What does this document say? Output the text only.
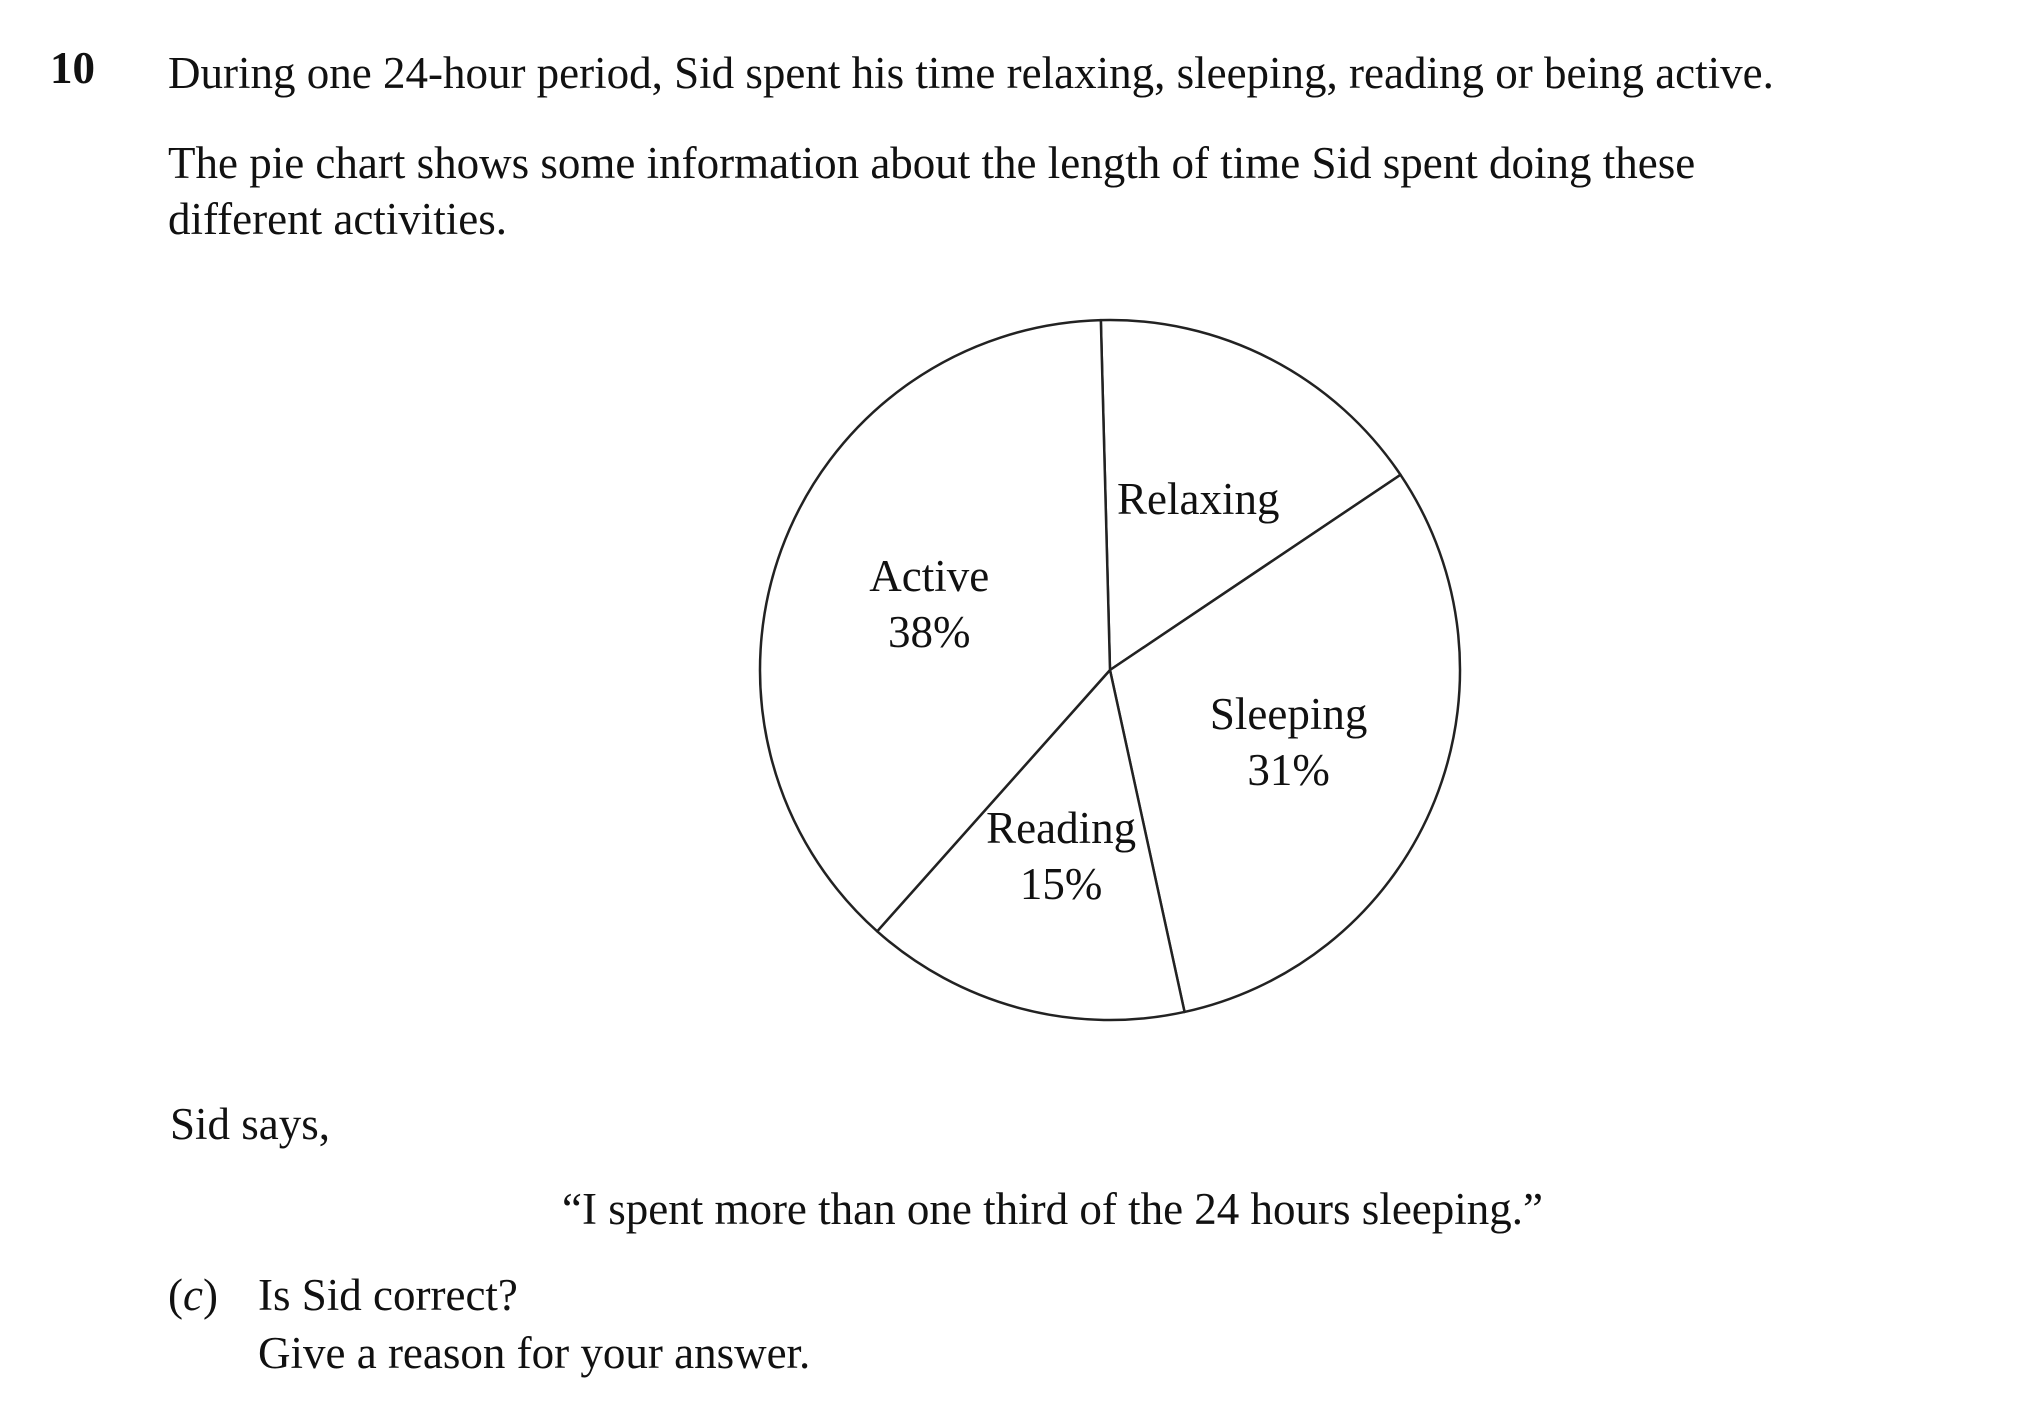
10 During one 24-hour period, Sid spent his time relaxing, sleeping, reading or being active.
The pie chart shows some information about the length of time Sid spent doing these
different activities.
Relaxing
Sleeping
31%
Reading
15%
Active
38%
Sid says,
“I spent more than one third of the 24 hours sleeping.”
(c) Is Sid correct?
Give a reason for your answer.
